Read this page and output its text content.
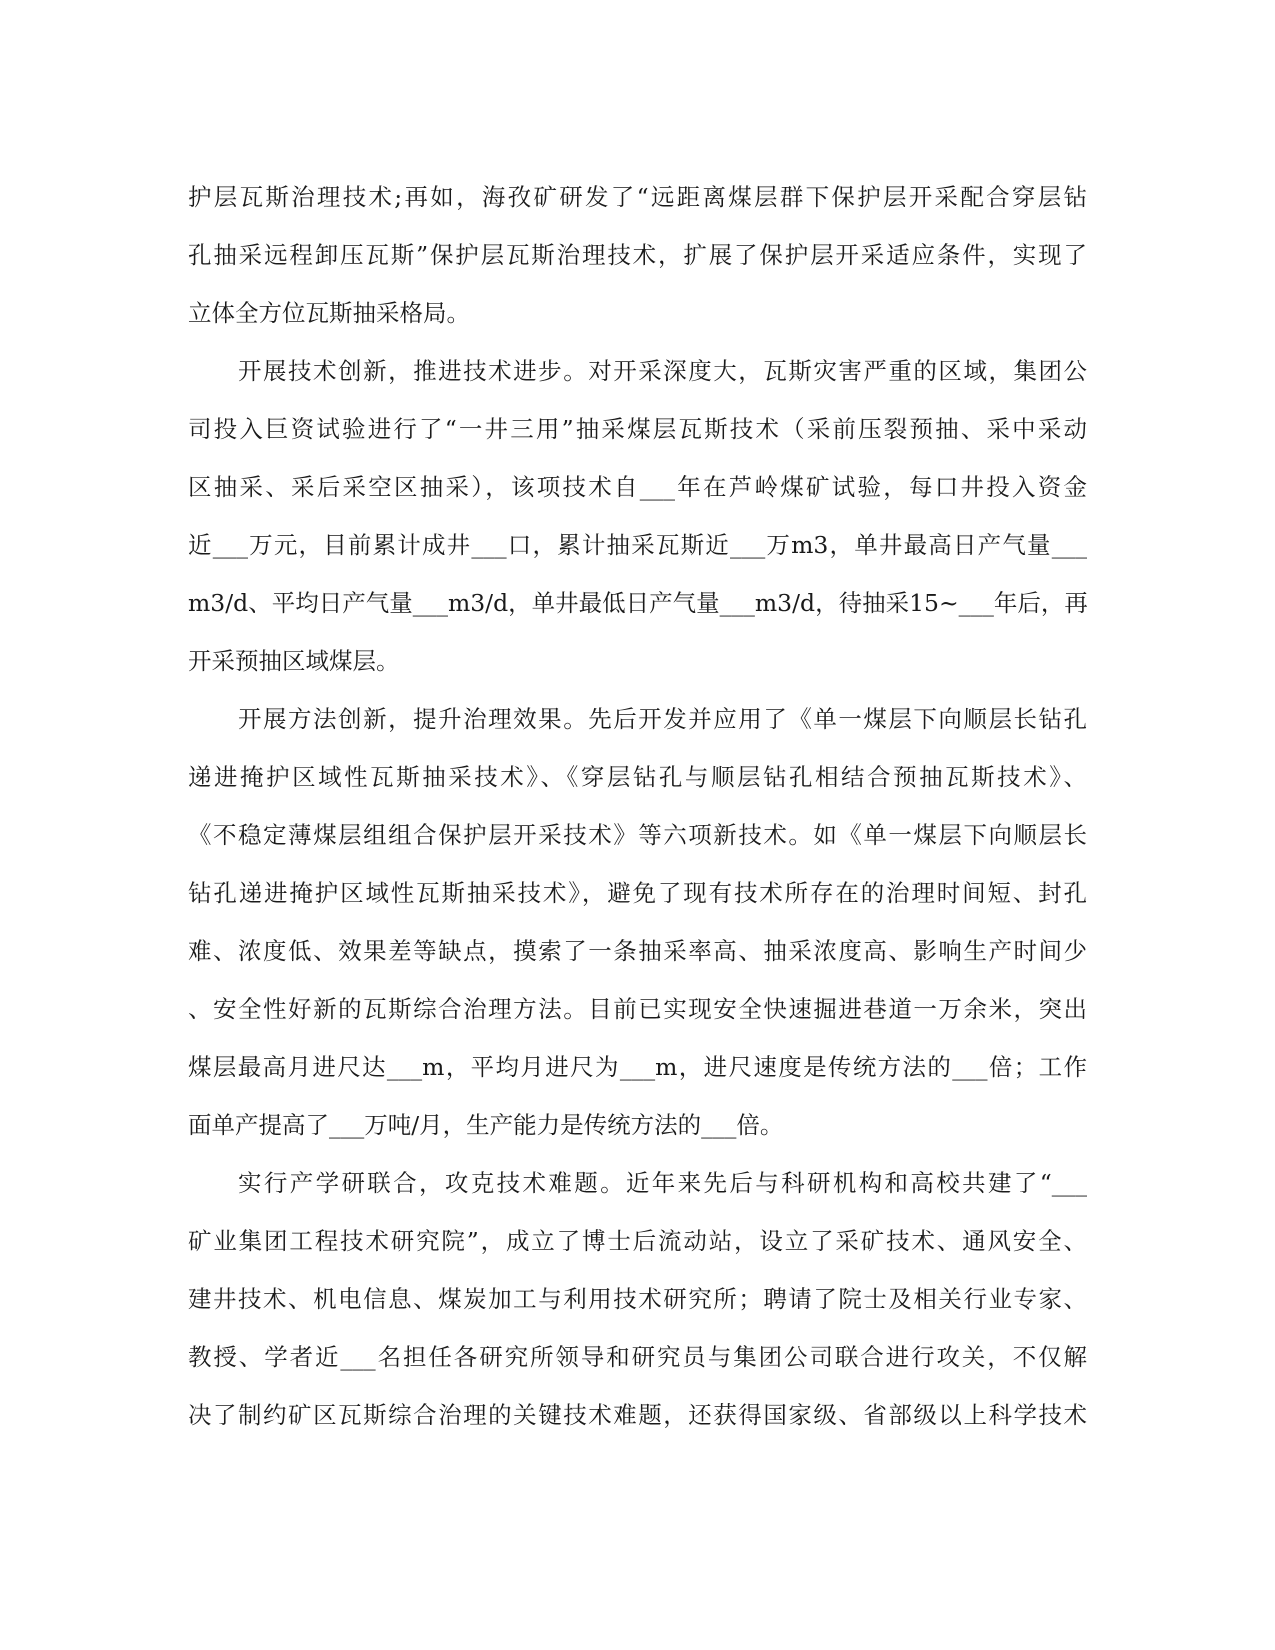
护层瓦斯治理技术;再如，海孜矿研发了“远距离煤层群下保护层开采配合穿层钻
孔抽采远程卸压瓦斯”保护层瓦斯治理技术，扩展了保护层开采适应条件，实现了
立体全方位瓦斯抽采格局。
开展技术创新，推进技术进步。对开采深度大，瓦斯灾害严重的区域，集团公
司投入巨资试验进行了“一井三用”抽采煤层瓦斯技术（采前压裂预抽、采中采动
区抽采、采后采空区抽采），该项技术自___年在芦岭煤矿试验，每口井投入资金
近___万元，目前累计成井___口，累计抽采瓦斯近___万m3，单井最高日产气量___
m3/d、平均日产气量___m3/d，单井最低日产气量___m3/d，待抽采15~___年后，再
开采预抽区域煤层。
开展方法创新，提升治理效果。先后开发并应用了《单一煤层下向顺层长钻孔
递进掩护区域性瓦斯抽采技术》、《穿层钻孔与顺层钻孔相结合预抽瓦斯技术》、
《不稳定薄煤层组组合保护层开采技术》等六项新技术。如《单一煤层下向顺层长
钻孔递进掩护区域性瓦斯抽采技术》，避免了现有技术所存在的治理时间短、封孔
难、浓度低、效果差等缺点，摸索了一条抽采率高、抽采浓度高、影响生产时间少
、安全性好新的瓦斯综合治理方法。目前已实现安全快速掘进巷道一万余米，突出
煤层最高月进尺达___m，平均月进尺为___m，进尺速度是传统方法的___倍；工作
面单产提高了___万吨/月，生产能力是传统方法的___倍。
实行产学研联合，攻克技术难题。近年来先后与科研机构和高校共建了“___
矿业集团工程技术研究院”，成立了博士后流动站，设立了采矿技术、通风安全、
建井技术、机电信息、煤炭加工与利用技术研究所；聘请了院士及相关行业专家、
教授、学者近___名担任各研究所领导和研究员与集团公司联合进行攻关，不仅解
决了制约矿区瓦斯综合治理的关键技术难题，还获得国家级、省部级以上科学技术
